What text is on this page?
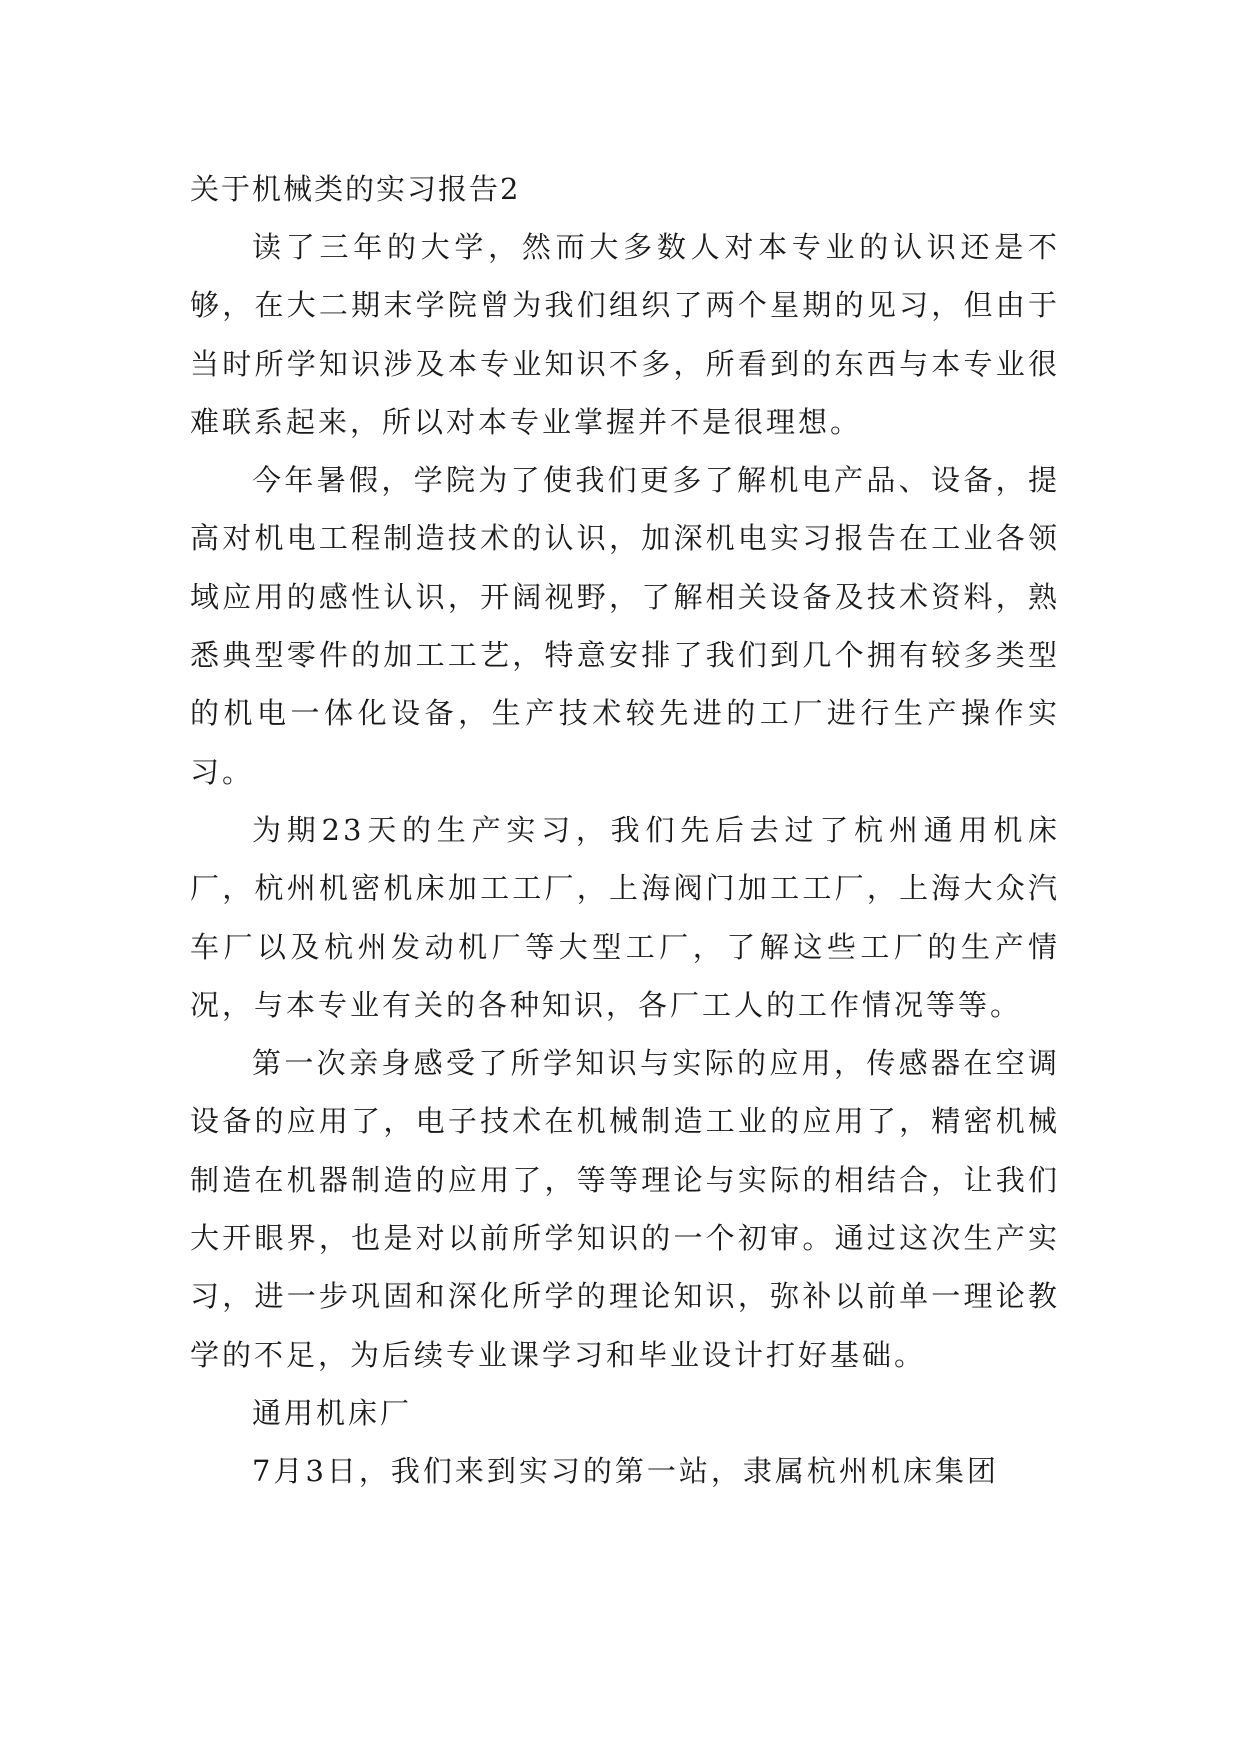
关于机械类的实习报告2

读了三年的大学，然而大多数人对本专业的认识还是不够，在大二期末学院曾为我们组织了两个星期的见习，但由于当时所学知识涉及本专业知识不多，所看到的东西与本专业很难联系起来，所以对本专业掌握并不是很理想。

今年暑假，学院为了使我们更多了解机电产品、设备，提高对机电工程制造技术的认识，加深机电实习报告在工业各领域应用的感性认识，开阔视野，了解相关设备及技术资料，熟悉典型零件的加工工艺，特意安排了我们到几个拥有较多类型的机电一体化设备，生产技术较先进的工厂进行生产操作实习。

为期23天的生产实习，我们先后去过了杭州通用机床厂，杭州机密机床加工工厂，上海阀门加工工厂，上海大众汽车厂以及杭州发动机厂等大型工厂，了解这些工厂的生产情况，与本专业有关的各种知识，各厂工人的工作情况等等。

第一次亲身感受了所学知识与实际的应用，传感器在空调设备的应用了，电子技术在机械制造工业的应用了，精密机械制造在机器制造的应用了，等等理论与实际的相结合，让我们大开眼界，也是对以前所学知识的一个初审。通过这次生产实习，进一步巩固和深化所学的理论知识，弥补以前单一理论教学的不足，为后续专业课学习和毕业设计打好基础。

通用机床厂

7月3日，我们来到实习的第一站，隶属杭州机床集团
